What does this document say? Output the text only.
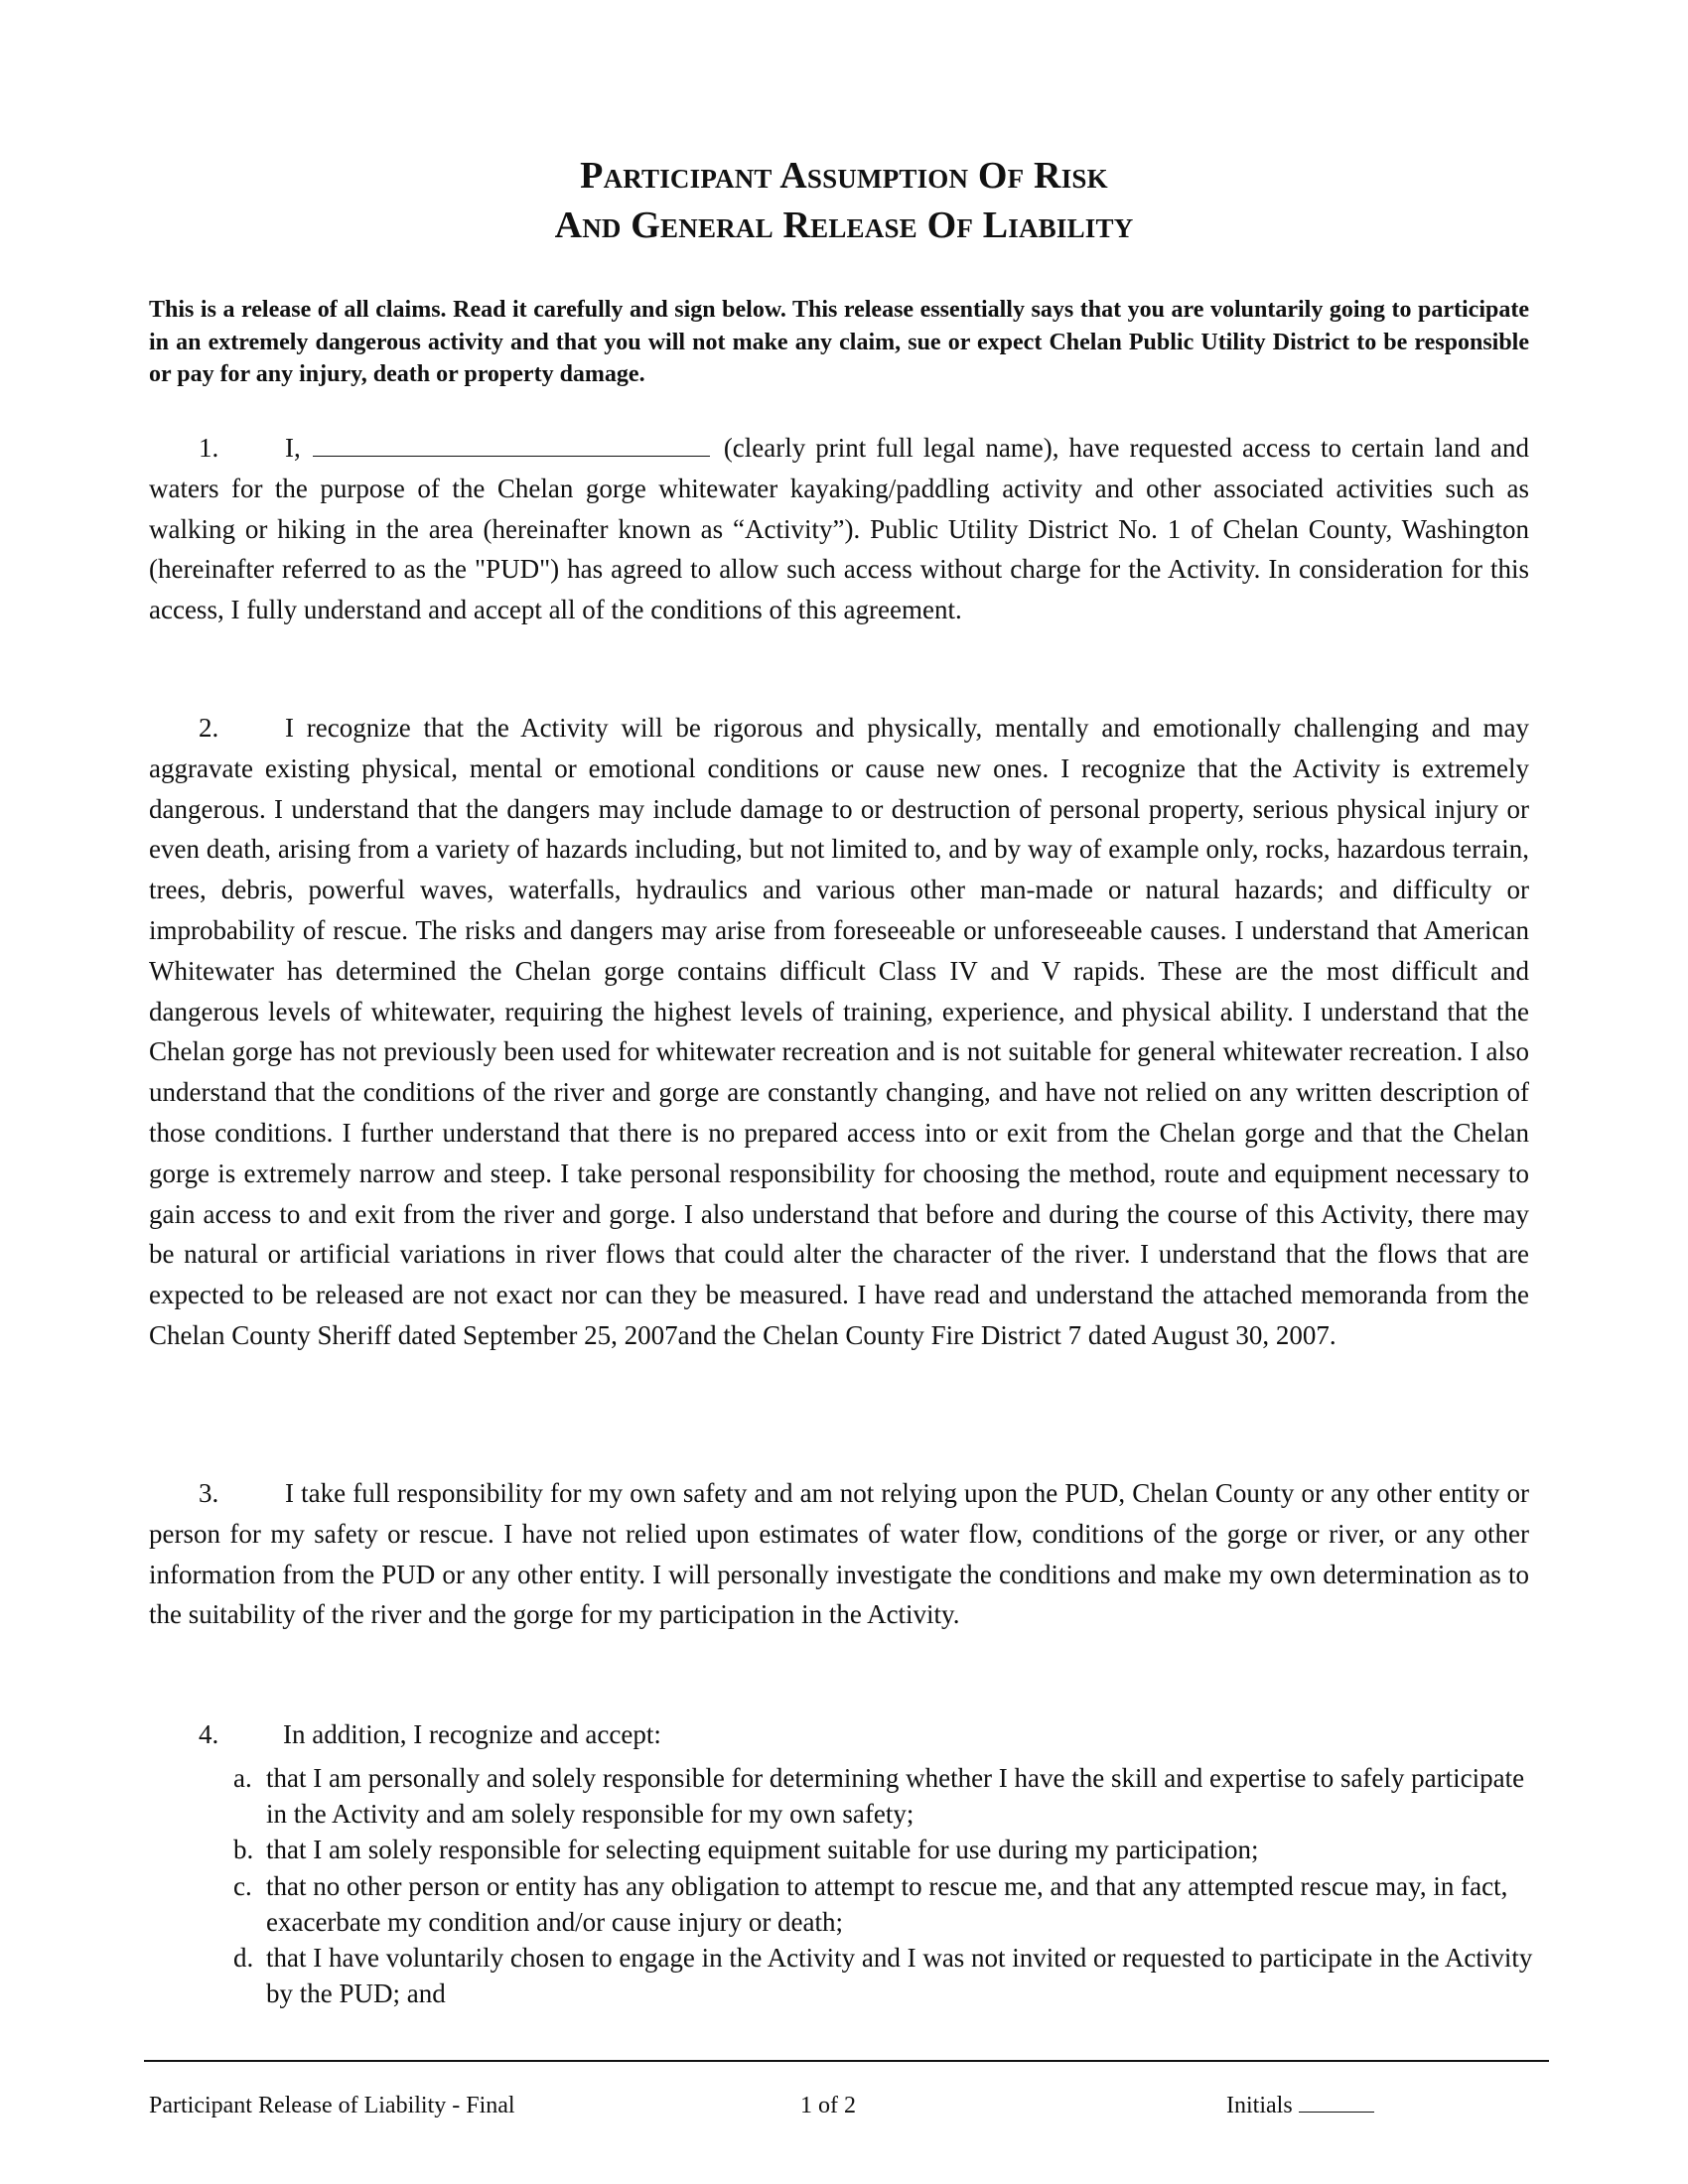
Participant Assumption Of Risk
And General Release Of Liability
This is a release of all claims. Read it carefully and sign below. This release essentially says that you are voluntarily going to participate in an extremely dangerous activity and that you will not make any claim, sue or expect Chelan Public Utility District to be responsible or pay for any injury, death or property damage.
1. I,	(clearly print full legal name), have requested access to certain land and waters for the purpose of the Chelan gorge whitewater kayaking/paddling activity and other associated activities such as walking or hiking in the area (hereinafter known as “Activity”). Public Utility District No. 1 of Chelan County, Washington (hereinafter referred to as the "PUD") has agreed to allow such access without charge for the Activity. In consideration for this access, I fully understand and accept all of the conditions of this agreement.
2. I recognize that the Activity will be rigorous and physically, mentally and emotionally challenging and may aggravate existing physical, mental or emotional conditions or cause new ones. I recognize that the Activity is extremely dangerous. I understand that the dangers may include damage to or destruction of personal property, serious physical injury or even death, arising from a variety of hazards including, but not limited to, and by way of example only, rocks, hazardous terrain, trees, debris, powerful waves, waterfalls, hydraulics and various other man-made or natural hazards; and difficulty or improbability of rescue. The risks and dangers may arise from foreseeable or unforeseeable causes. I understand that American Whitewater has determined the Chelan gorge contains difficult Class IV and V rapids. These are the most difficult and dangerous levels of whitewater, requiring the highest levels of training, experience, and physical ability. I understand that the Chelan gorge has not previously been used for whitewater recreation and is not suitable for general whitewater recreation. I also understand that the conditions of the river and gorge are constantly changing, and have not relied on any written description of those conditions. I further understand that there is no prepared access into or exit from the Chelan gorge and that the Chelan gorge is extremely narrow and steep. I take personal responsibility for choosing the method, route and equipment necessary to gain access to and exit from the river and gorge. I also understand that before and during the course of this Activity, there may be natural or artificial variations in river flows that could alter the character of the river. I understand that the flows that are expected to be released are not exact nor can they be measured. I have read and understand the attached memoranda from the Chelan County Sheriff dated September 25, 2007and the Chelan County Fire District 7 dated August 30, 2007.
3. I take full responsibility for my own safety and am not relying upon the PUD, Chelan County or any other entity or person for my safety or rescue. I have not relied upon estimates of water flow, conditions of the gorge or river, or any other information from the PUD or any other entity. I will personally investigate the conditions and make my own determination as to the suitability of the river and the gorge for my participation in the Activity.
4. In addition, I recognize and accept:
a. that I am personally and solely responsible for determining whether I have the skill and expertise to safely participate in the Activity and am solely responsible for my own safety;
b. that I am solely responsible for selecting equipment suitable for use during my participation;
c. that no other person or entity has any obligation to attempt to rescue me, and that any attempted rescue may, in fact, exacerbate my condition and/or cause injury or death;
d. that I have voluntarily chosen to engage in the Activity and I was not invited or requested to participate in the Activity by the PUD; and
Participant Release of Liability - Final	1 of 2	Initials
